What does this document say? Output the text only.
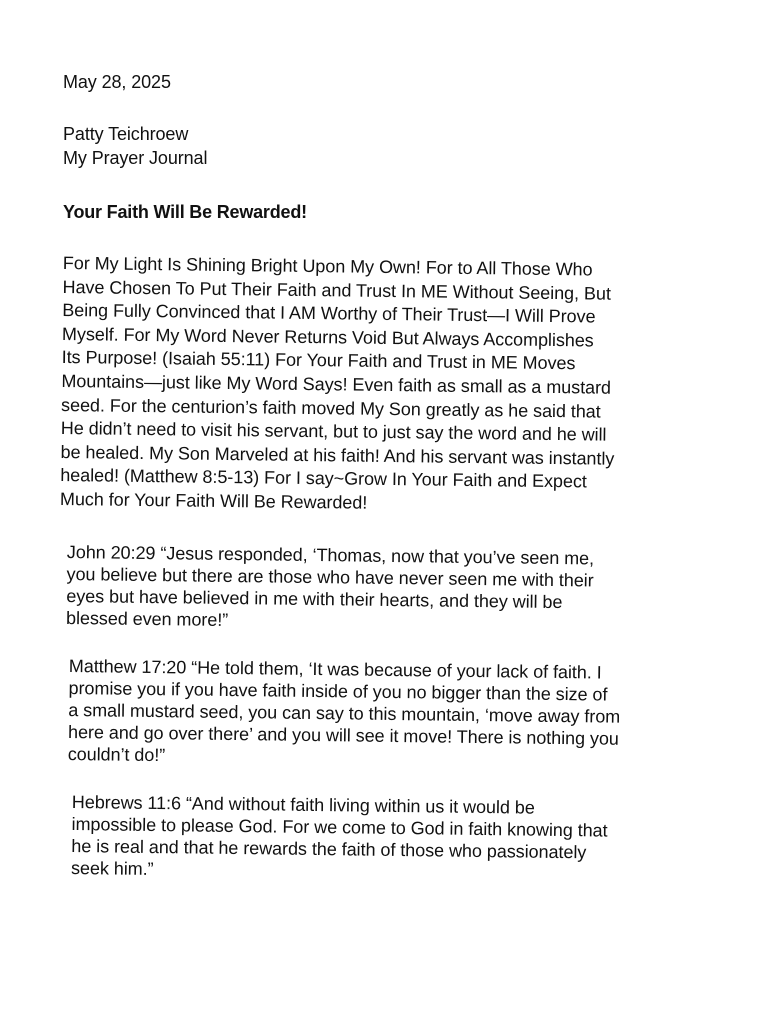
May 28, 2025
Patty Teichroew
My Prayer Journal
Your Faith Will Be Rewarded!
For My Light Is Shining Bright Upon My Own! For to All Those Who
Have Chosen To Put Their Faith and Trust In ME Without Seeing, But
Being Fully Convinced that I AM Worthy of Their Trust—I Will Prove
Myself. For My Word Never Returns Void But Always Accomplishes
Its Purpose! (Isaiah 55:11) For Your Faith and Trust in ME Moves
Mountains—just like My Word Says! Even faith as small as a mustard
seed. For the centurion’s faith moved My Son greatly as he said that
He didn’t need to visit his servant, but to just say the word and he will
be healed. My Son Marveled at his faith! And his servant was instantly
healed! (Matthew 8:5-13) For I say~Grow In Your Faith and Expect
Much for Your Faith Will Be Rewarded!
John 20:29 “Jesus responded, ‘Thomas, now that you’ve seen me,
you believe but there are those who have never seen me with their
eyes but have believed in me with their hearts, and they will be
blessed even more!”
Matthew 17:20 “He told them, ‘It was because of your lack of faith. I
promise you if you have faith inside of you no bigger than the size of
a small mustard seed, you can say to this mountain, ‘move away from
here and go over there’ and you will see it move! There is nothing you
couldn’t do!”
Hebrews 11:6 “And without faith living within us it would be
impossible to please God. For we come to God in faith knowing that
he is real and that he rewards the faith of those who passionately
seek him.”
